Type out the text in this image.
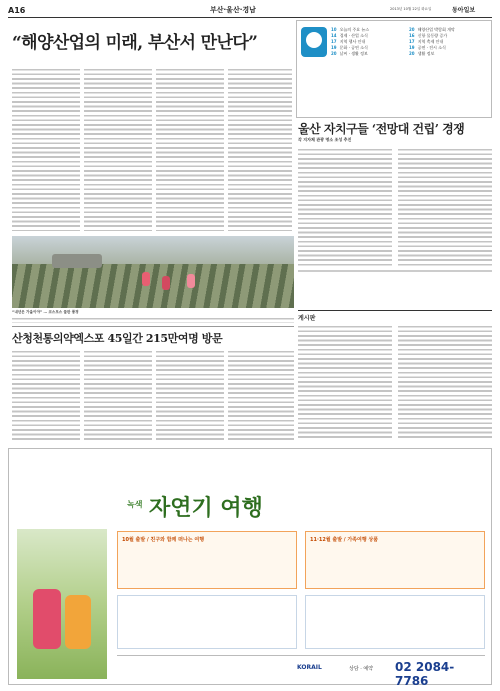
A16	부산·울산·경남	2013년 10월 22일 화요일	동아일보
“해양산업의 미래, 부산서 만난다”
10 오늘의 주요 뉴스
14 경제 · 산업 소식
17 지역 행사 안내
19 문화 · 공연 소식
20 날씨 · 생활 정보
20 해양산업 박람회 개막
16 신항 물동량 증가
17 지역 축제 안내
19 공연 · 전시 소식
20 생활 정보
울산 자치구들 ‘전망대 건립’ 경쟁
각 지자체 관광 명소 조성 추진
“내년은 가을이야” … 코스모스 들판 풍경
산청천통의약엑스포 45일간 215만여명 방문
게시판
녹색 자연기 여행
10월 출발 / 친구와 함께 떠나는 여행	11·12월 출발 / 가족여행 상품
KORAIL	상담 · 예약 02 2084-7786
